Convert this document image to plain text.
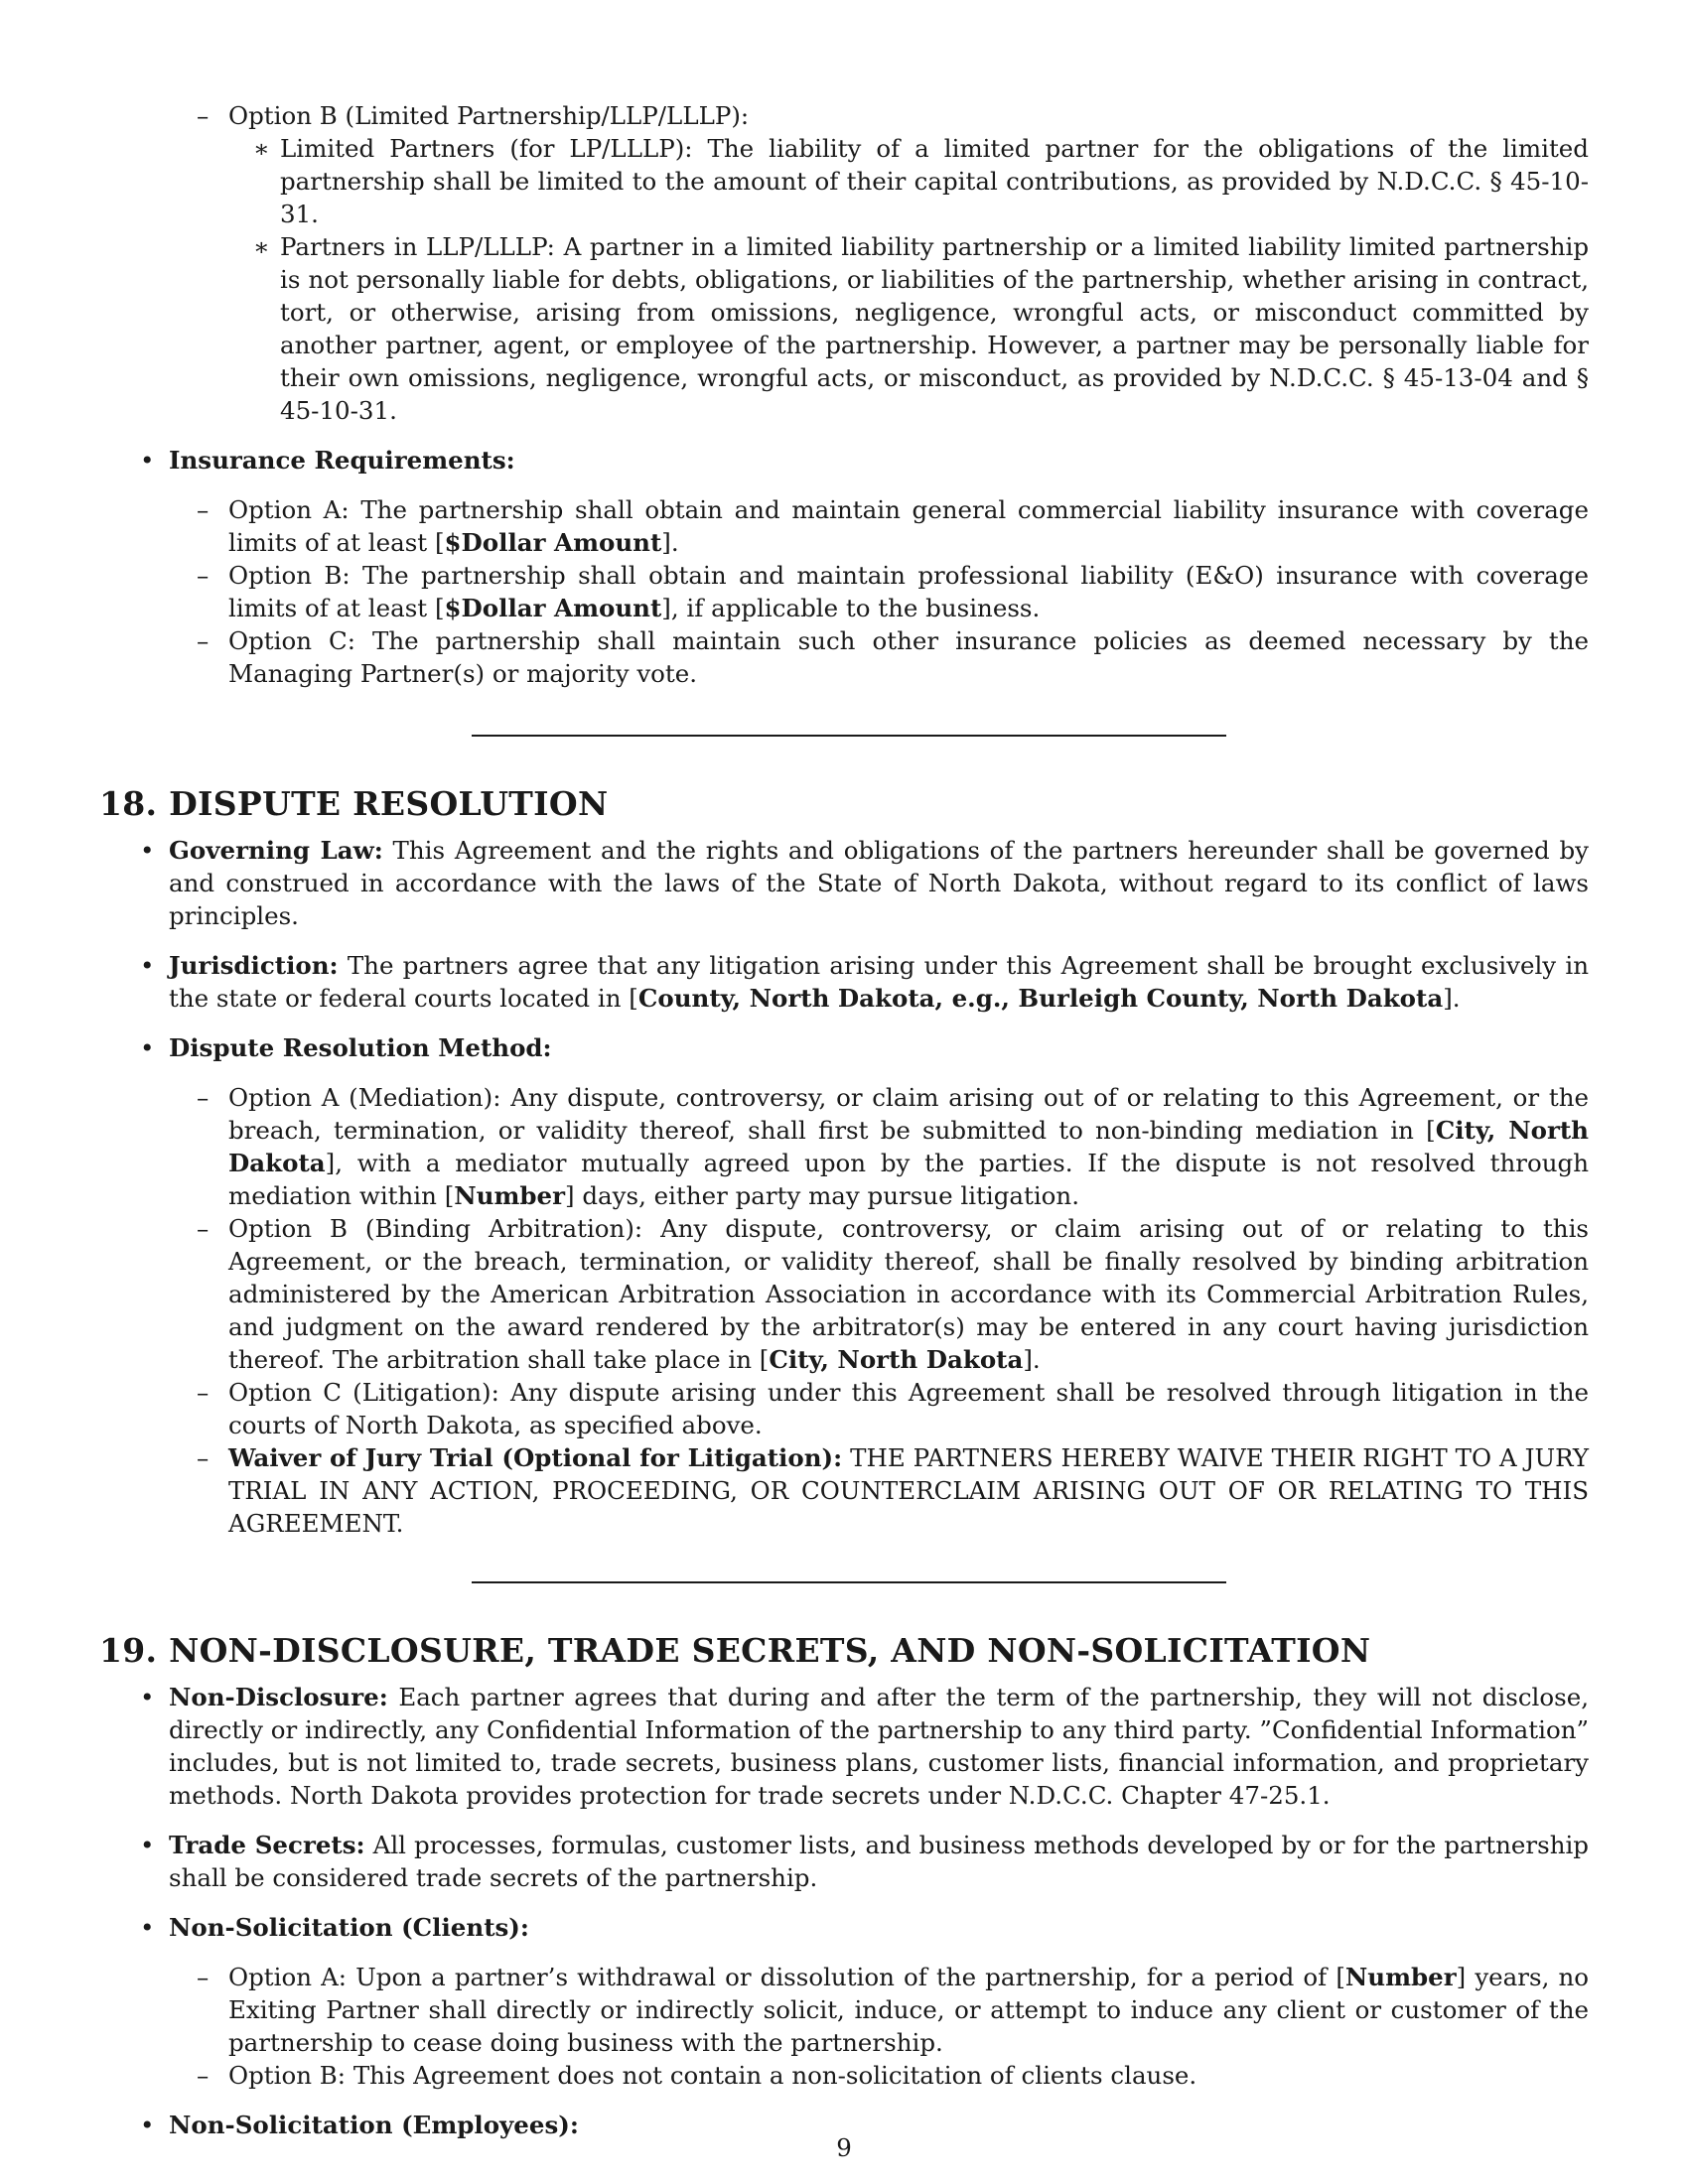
– Option B (Limited Partnership/LLP/LLLP):

∗ Limited Partners (for LP/LLLP): The liability of a limited partner for the obligations of the limited partnership shall be limited to the amount of their capital contributions, as provided by N.D.C.C. § 45-10-31.

∗ Partners in LLP/LLLP: A partner in a limited liability partnership or a limited liability limited partnership is not personally liable for debts, obligations, or liabilities of the partnership, whether arising in contract, tort, or otherwise, arising from omissions, negligence, wrongful acts, or misconduct committed by another partner, agent, or employee of the partnership. However, a partner may be personally liable for their own omissions, negligence, wrongful acts, or misconduct, as provided by N.D.C.C. § 45-13-04 and § 45-10-31.

• Insurance Requirements:

– Option A: The partnership shall obtain and maintain general commercial liability insurance with coverage limits of at least [$Dollar Amount].

– Option B: The partnership shall obtain and maintain professional liability (E&O) insurance with coverage limits of at least [$Dollar Amount], if applicable to the business.

– Option C: The partnership shall maintain such other insurance policies as deemed necessary by the Managing Partner(s) or majority vote.

18. DISPUTE RESOLUTION
• Governing Law: This Agreement and the rights and obligations of the partners hereunder shall be governed by and construed in accordance with the laws of the State of North Dakota, without regard to its conflict of laws principles.

• Jurisdiction: The partners agree that any litigation arising under this Agreement shall be brought exclusively in the state or federal courts located in [County, North Dakota, e.g., Burleigh County, North Dakota].

• Dispute Resolution Method:

– Option A (Mediation): Any dispute, controversy, or claim arising out of or relating to this Agreement, or the breach, termination, or validity thereof, shall first be submitted to non-binding mediation in [City, North Dakota], with a mediator mutually agreed upon by the parties. If the dispute is not resolved through mediation within [Number] days, either party may pursue litigation.

– Option B (Binding Arbitration): Any dispute, controversy, or claim arising out of or relating to this Agreement, or the breach, termination, or validity thereof, shall be finally resolved by binding arbitration administered by the American Arbitration Association in accordance with its Commercial Arbitration Rules, and judgment on the award rendered by the arbitrator(s) may be entered in any court having jurisdiction thereof. The arbitration shall take place in [City, North Dakota].

– Option C (Litigation): Any dispute arising under this Agreement shall be resolved through litigation in the courts of North Dakota, as specified above.

– Waiver of Jury Trial (Optional for Litigation): THE PARTNERS HEREBY WAIVE THEIR RIGHT TO A JURY TRIAL IN ANY ACTION, PROCEEDING, OR COUNTERCLAIM ARISING OUT OF OR RELATING TO THIS AGREEMENT.

19. NON-DISCLOSURE, TRADE SECRETS, AND NON-SOLICITATION
• Non-Disclosure: Each partner agrees that during and after the term of the partnership, they will not disclose, directly or indirectly, any Confidential Information of the partnership to any third party. ”Confidential Information” includes, but is not limited to, trade secrets, business plans, customer lists, financial information, and proprietary methods. North Dakota provides protection for trade secrets under N.D.C.C. Chapter 47-25.1.

• Trade Secrets: All processes, formulas, customer lists, and business methods developed by or for the partnership shall be considered trade secrets of the partnership.

• Non-Solicitation (Clients):

– Option A: Upon a partner’s withdrawal or dissolution of the partnership, for a period of [Number] years, no Exiting Partner shall directly or indirectly solicit, induce, or attempt to induce any client or customer of the partnership to cease doing business with the partnership.

– Option B: This Agreement does not contain a non-solicitation of clients clause.

• Non-Solicitation (Employees):

9
